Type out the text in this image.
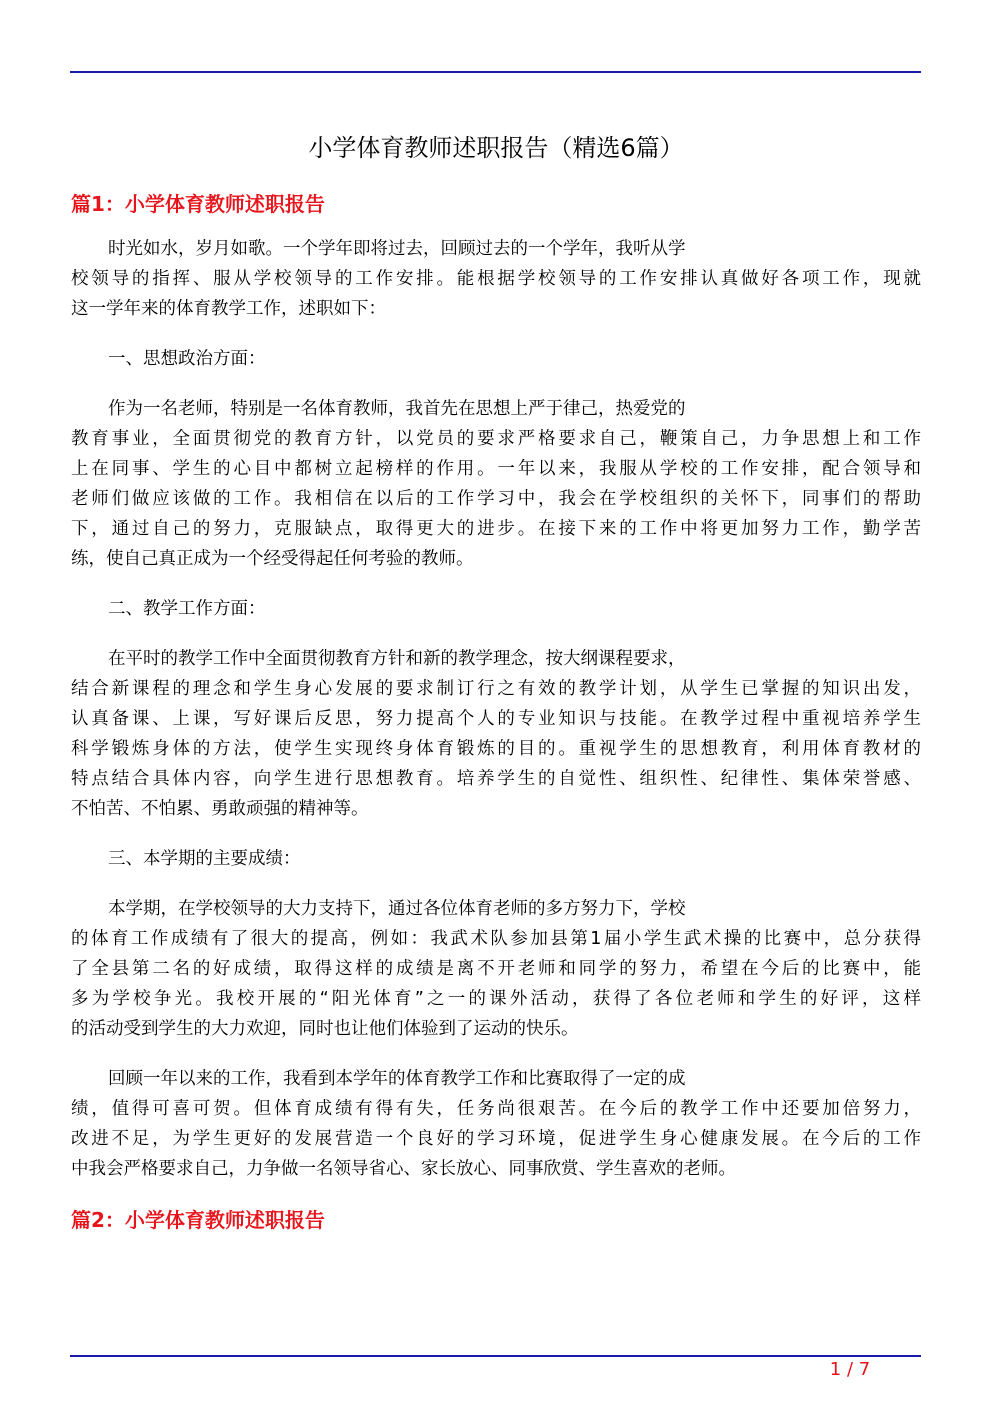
小学体育教师述职报告（精选6篇）
篇1：小学体育教师述职报告

时光如水，岁月如歌。一个学年即将过去，回顾过去的一个学年，我听从学
校领导的指挥、服从学校领导的工作安排。能根据学校领导的工作安排认真做好各项工作，现就
这一学年来的体育教学工作，述职如下：

一、思想政治方面：

作为一名老师，特别是一名体育教师，我首先在思想上严于律己，热爱党的
教育事业，全面贯彻党的教育方针，以党员的要求严格要求自己，鞭策自己，力争思想上和工作
上在同事、学生的心目中都树立起榜样的作用。一年以来，我服从学校的工作安排，配合领导和
老师们做应该做的工作。我相信在以后的工作学习中，我会在学校组织的关怀下，同事们的帮助
下，通过自己的努力，克服缺点，取得更大的进步。在接下来的工作中将更加努力工作，勤学苦
练，使自己真正成为一个经受得起任何考验的教师。

二、教学工作方面：

在平时的教学工作中全面贯彻教育方针和新的教学理念，按大纲课程要求，
结合新课程的理念和学生身心发展的要求制订行之有效的教学计划，从学生已掌握的知识出发，
认真备课、上课，写好课后反思，努力提高个人的专业知识与技能。在教学过程中重视培养学生
科学锻炼身体的方法，使学生实现终身体育锻炼的目的。重视学生的思想教育，利用体育教材的
特点结合具体内容，向学生进行思想教育。培养学生的自觉性、组织性、纪律性、集体荣誉感、
不怕苦、不怕累、勇敢顽强的精神等。

三、本学期的主要成绩：

本学期，在学校领导的大力支持下，通过各位体育老师的多方努力下，学校
的体育工作成绩有了很大的提高，例如：我武术队参加县第1届小学生武术操的比赛中，总分获得
了全县第二名的好成绩，取得这样的成绩是离不开老师和同学的努力，希望在今后的比赛中，能
多为学校争光。我校开展的“阳光体育”之一的课外活动，获得了各位老师和学生的好评，这样
的活动受到学生的大力欢迎，同时也让他们体验到了运动的快乐。

回顾一年以来的工作，我看到本学年的体育教学工作和比赛取得了一定的成
绩，值得可喜可贺。但体育成绩有得有失，任务尚很艰苦。在今后的教学工作中还要加倍努力，
改进不足，为学生更好的发展营造一个良好的学习环境，促进学生身心健康发展。在今后的工作
中我会严格要求自己，力争做一名领导省心、家长放心、同事欣赏、学生喜欢的老师。

篇2：小学体育教师述职报告
1 / 7
